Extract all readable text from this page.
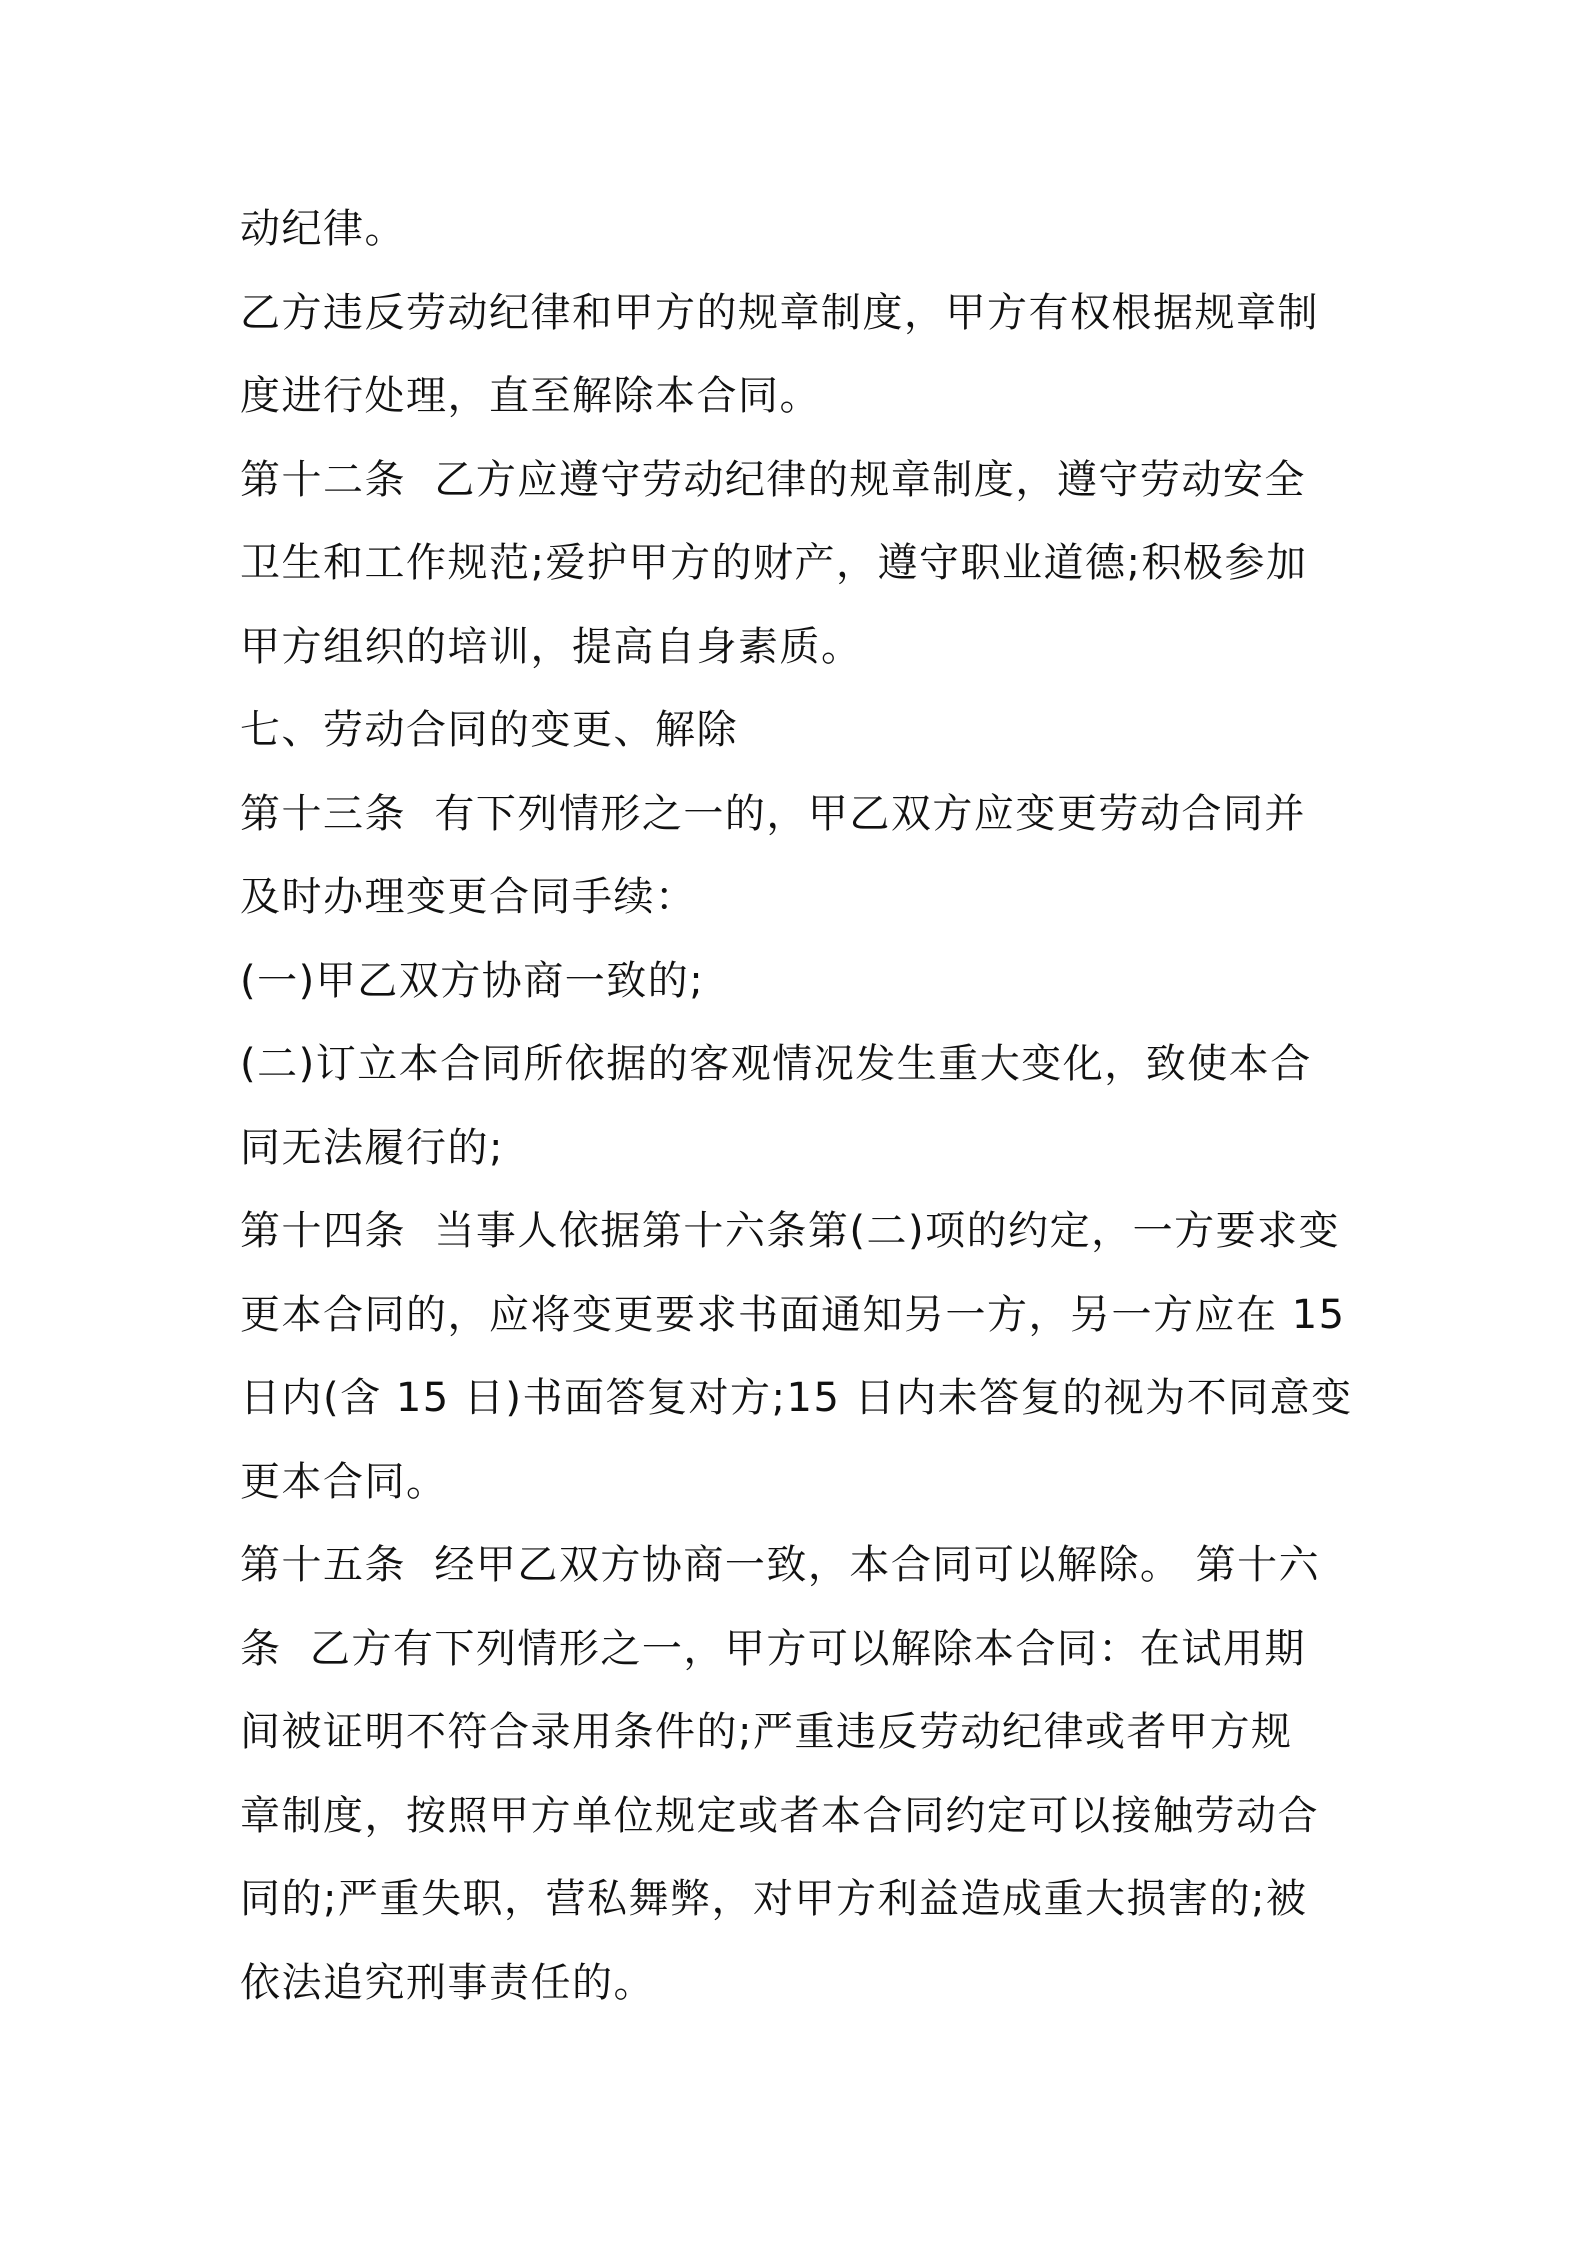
动纪律。

乙方违反劳动纪律和甲方的规章制度，甲方有权根据规章制

度进行处理，直至解除本合同。

第十二条  乙方应遵守劳动纪律的规章制度，遵守劳动安全

卫生和工作规范;爱护甲方的财产，遵守职业道德;积极参加

甲方组织的培训，提高自身素质。

七、劳动合同的变更、解除

第十三条  有下列情形之一的，甲乙双方应变更劳动合同并

及时办理变更合同手续：

(一)甲乙双方协商一致的;

(二)订立本合同所依据的客观情况发生重大变化，致使本合

同无法履行的;

第十四条  当事人依据第十六条第(二)项的约定，一方要求变

更本合同的，应将变更要求书面通知另一方，另一方应在 15

日内(含 15 日)书面答复对方;15 日内未答复的视为不同意变

更本合同。

第十五条  经甲乙双方协商一致，本合同可以解除。 第十六

条  乙方有下列情形之一，甲方可以解除本合同：在试用期

间被证明不符合录用条件的;严重违反劳动纪律或者甲方规

章制度，按照甲方单位规定或者本合同约定可以接触劳动合

同的;严重失职，营私舞弊，对甲方利益造成重大损害的;被

依法追究刑事责任的。
